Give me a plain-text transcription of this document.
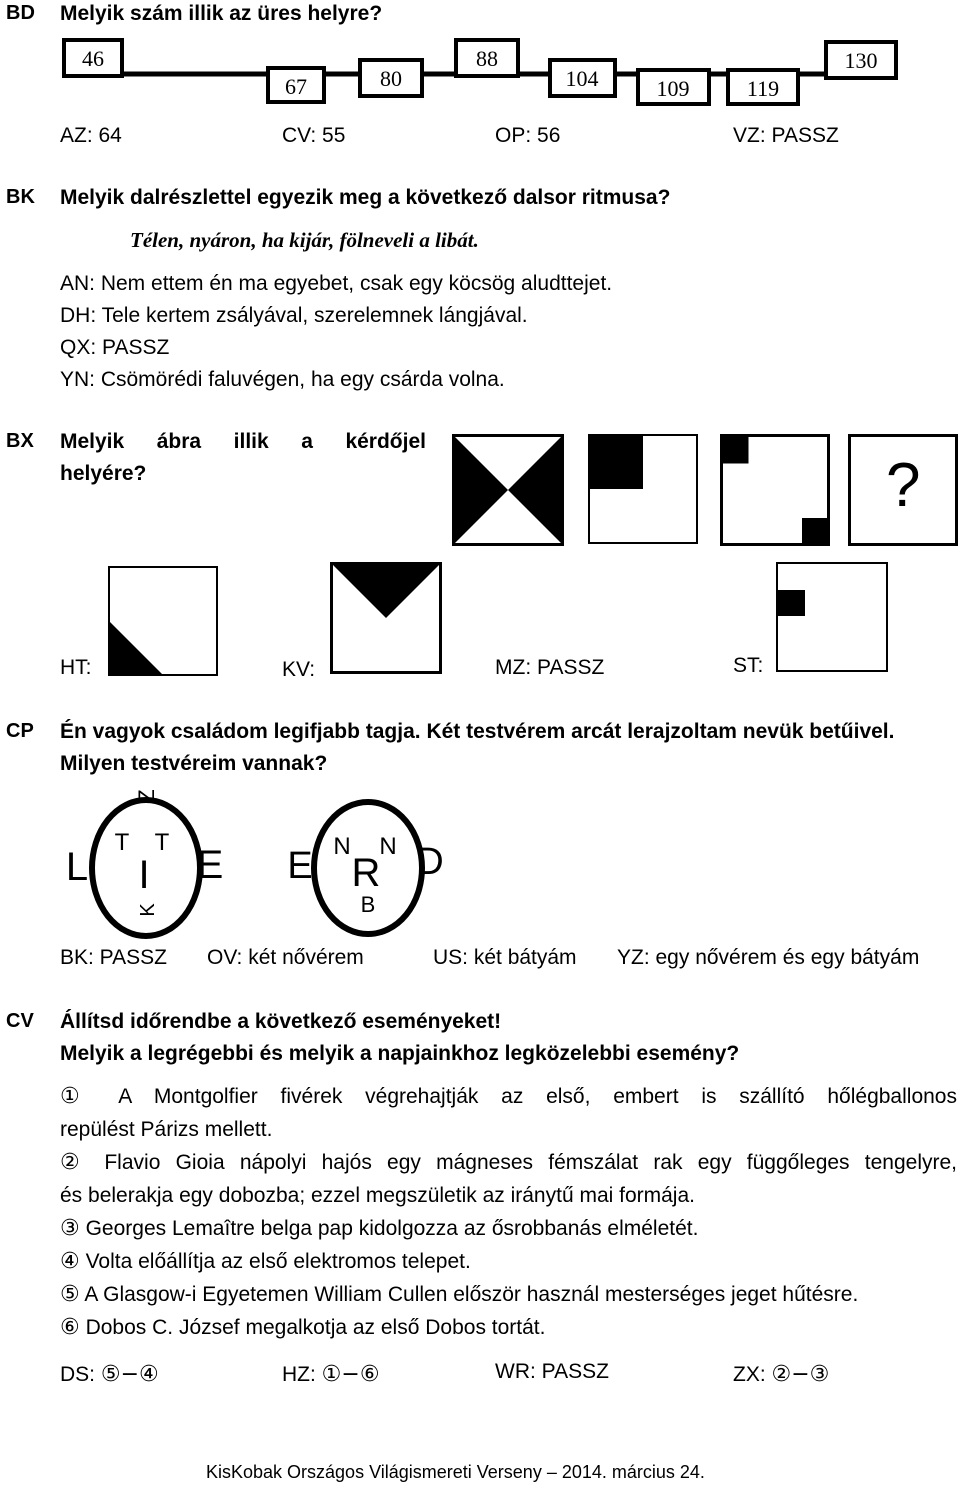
BD Melyik szám illik az üres helyre?
46
67	80
88
104	109	119
130
AZ: 64	CV: 55	OP: 56	VZ: PASSZ
BK Melyik dalrészlettel egyezik meg a következő dalsor ritmusa?
Télen, nyáron, ha kijár, fölneveli a libát.
AN: Nem ettem én ma egyebet, csak egy köcsög aludttejet.
DH: Tele kertem zsályával, szerelemnek lángjával.
QX: PASSZ
YN: Csömörédi faluvégen, ha egy csárda volna.
BX Melyik ábra illik a kérdőjel
helyére?	?
HT:	KV:	MZ: PASSZ	ST:
CP Én vagyok családom legifjabb tagja. Két testvérem arcát lerajzoltam nevük betűivel.
Milyen testvéreim vannak?
Z
T T
I
K
L	E	N N
R
B
E	D
BK: PASSZ OV: két nővérem	US: két bátyám YZ: egy nővérem és egy bátyám
CV Állítsd időrendbe a következő eseményeket!
Melyik a legrégebbi és melyik a napjainkhoz legközelebbi esemény?
① A Montgolfier fivérek végrehajtják az első, embert is szállító hőlégballonos
repülést Párizs mellett.
② Flavio Gioia nápolyi hajós egy mágneses fémszálat rak egy függőleges tengelyre,
és belerakja egy dobozba; ezzel megszületik az iránytű mai formája.
③ Georges Lemaître belga pap kidolgozza az ősrobbanás elméletét.
④ Volta előállítja az első elektromos telepet.
⑤ A Glasgow-i Egyetemen William Cullen először használ mesterséges jeget hűtésre.
⑥ Dobos C. József megalkotja az első Dobos tortát.
DS: ⑤−④	HZ: ①−⑥	WR: PASSZ	ZX: ②−③
KisKobak Országos Világismereti Verseny – 2014. március 24.
